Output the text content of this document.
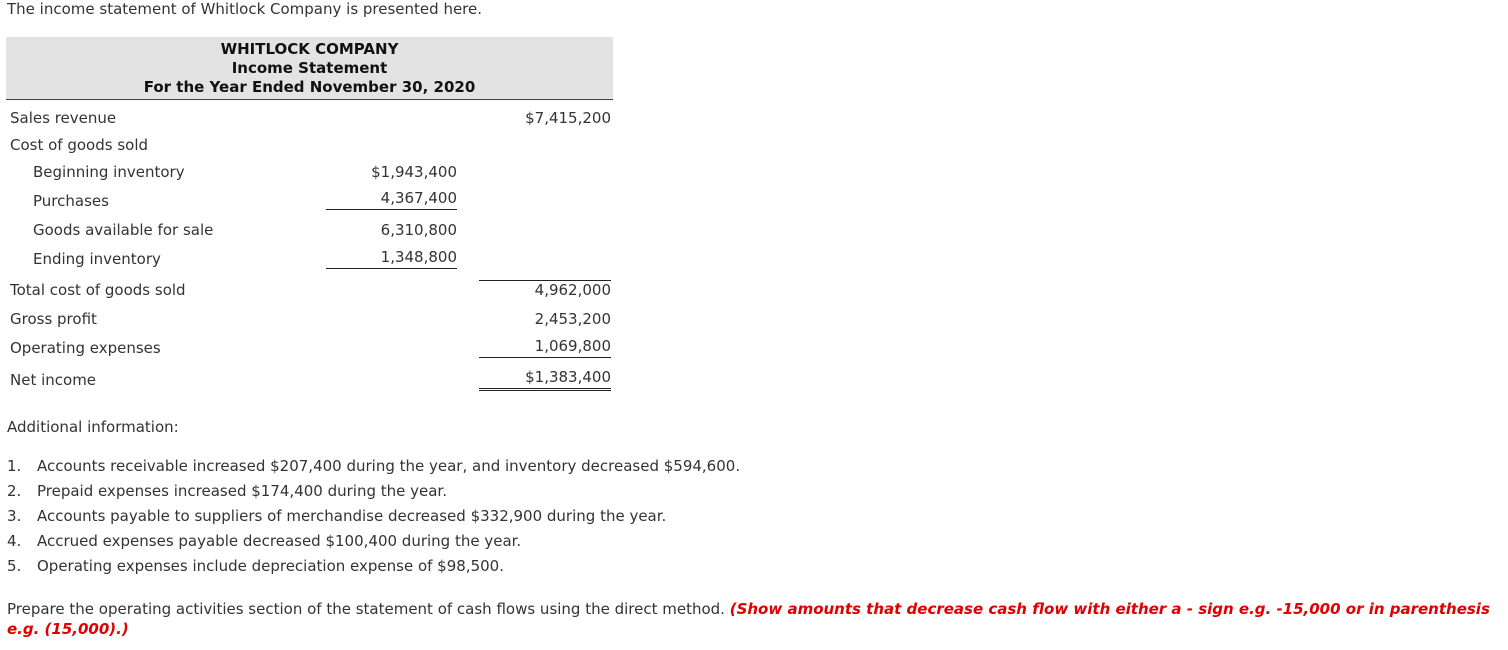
The income statement of Whitlock Company is presented here.
WHITLOCK COMPANY
Income Statement
For the Year Ended November 30, 2020
Sales revenue	$7,415,200
Cost of goods sold
Beginning inventory	$1,943,400
Purchases	4,367,400
Goods available for sale	6,310,800
Ending inventory	1,348,800
Total cost of goods sold	4,962,000
Gross profit	2,453,200
Operating expenses	1,069,800
Net income	$1,383,400
Additional information:
1. Accounts receivable increased $207,400 during the year, and inventory decreased $594,600.
2. Prepaid expenses increased $174,400 during the year.
3. Accounts payable to suppliers of merchandise decreased $332,900 during the year.
4. Accrued expenses payable decreased $100,400 during the year.
5. Operating expenses include depreciation expense of $98,500.
Prepare the operating activities section of the statement of cash flows using the direct method. (Show amounts that decrease cash flow with either a - sign e.g. -15,000 or in parenthesis e.g. (15,000).)
